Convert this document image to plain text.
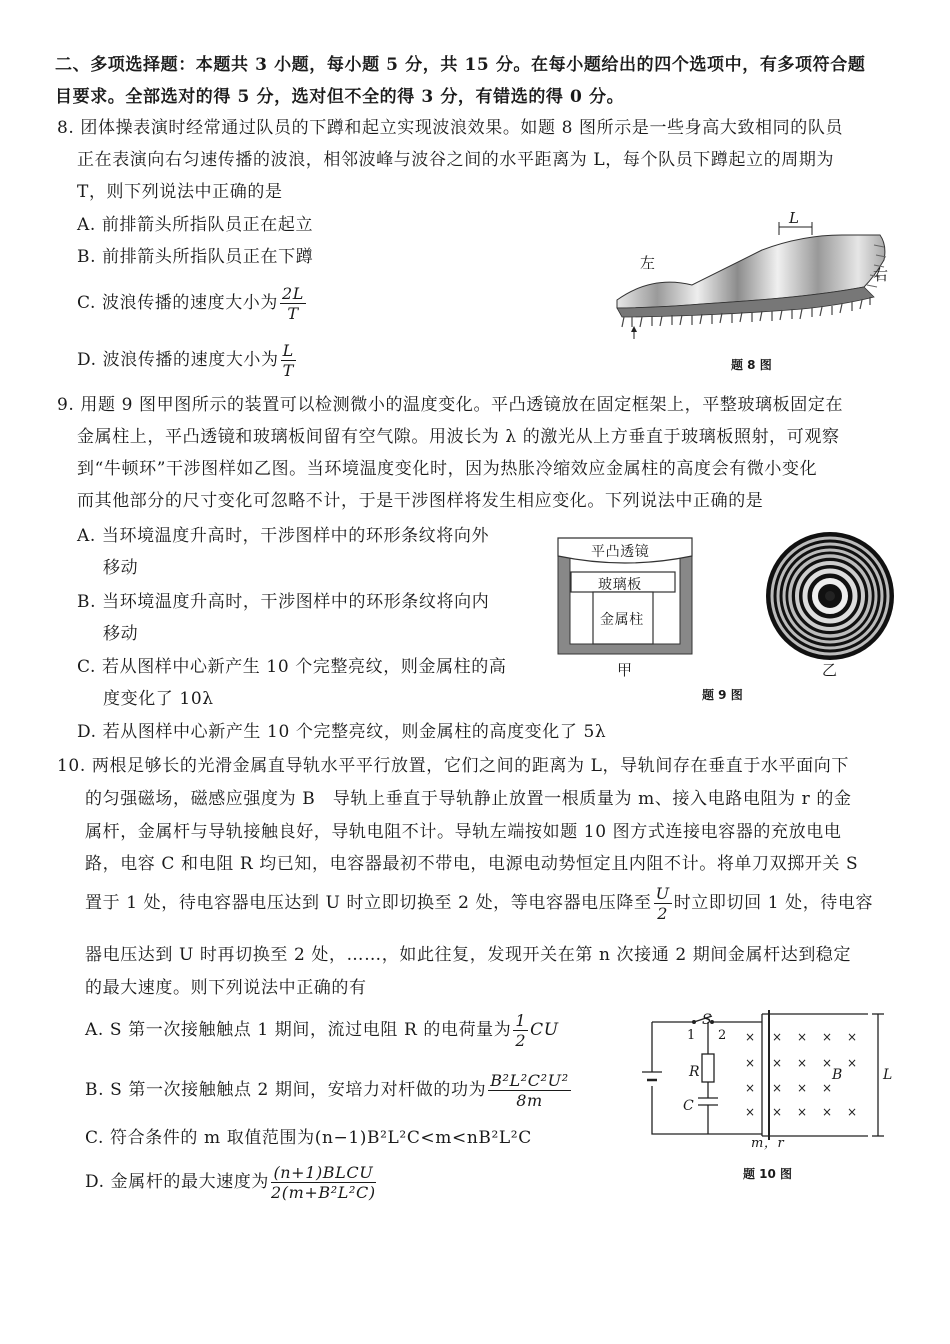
二、多项选择题：本题共 3 小题，每小题 5 分，共 15 分。在每小题给出的四个选项中，有多项符合题
目要求。全部选对的得 5 分，选对但不全的得 3 分，有错选的得 0 分。
8. 团体操表演时经常通过队员的下蹲和起立实现波浪效果。如题 8 图所示是一些身高大致相同的队员
正在表演向右匀速传播的波浪，相邻波峰与波谷之间的水平距离为 L，每个队员下蹲起立的周期为
T，则下列说法中正确的是
A. 前排箭头所指队员正在起立
B. 前排箭头所指队员正在下蹲
C. 波浪传播的速度大小为 $\frac{2L}{T}$
D. 波浪传播的速度大小为 $\frac{L}{T}$
左
右
L
题 8 图
9. 用题 9 图甲图所示的装置可以检测微小的温度变化。平凸透镜放在固定框架上，平整玻璃板固定在
金属柱上，平凸透镜和玻璃板间留有空气隙。用波长为 λ 的激光从上方垂直于玻璃板照射，可观察
到“牛顿环”干涉图样如乙图。当环境温度变化时，因为热胀冷缩效应金属柱的高度会有微小变化
而其他部分的尺寸变化可忽略不计，于是干涉图样将发生相应变化。下列说法中正确的是
A. 当环境温度升高时，干涉图样中的环形条纹将向外
移动
B. 当环境温度升高时，干涉图样中的环形条纹将向内
移动
C. 若从图样中心新产生 10 个完整亮纹，则金属柱的高
度变化了 10λ
D. 若从图样中心新产生 10 个完整亮纹，则金属柱的高度变化了 5λ
平凸透镜
玻璃板
金属柱
甲	乙
题 9 图
10. 两根足够长的光滑金属直导轨水平平行放置，它们之间的距离为 L，导轨间存在垂直于水平面向下
的匀强磁场，磁感应强度为 B　导轨上垂直于导轨静止放置一根质量为 m、接入电路电阻为 r 的金
属杆，金属杆与导轨接触良好，导轨电阻不计。导轨左端按如题 10 图方式连接电容器的充放电电
路，电容 C 和电阻 R 均已知，电容器最初不带电，电源电动势恒定且内阻不计。将单刀双掷开关 S
置于 1 处，待电容器电压达到 U 时立即切换至 2 处，等电容器电压降至 $\frac{U}{2}$ 时立即切回 1 处，待电容
器电压达到 U 时再切换至 2 处，……，如此往复，发现开关在第 n 次接通 2 期间金属杆达到稳定
的最大速度。则下列说法中正确的有
A. S 第一次接触触点 1 期间，流过电阻 R 的电荷量为 $\frac{1}{2}$ CU
B. S 第一次接触触点 2 期间，安培力对杆做的功为 $\frac{\text{B²L²C²U²}}{8m}$
C. 符合条件的 m 取值范围为(n−1)B²L²C<m<nB²L²C
D. 金属杆的最大速度为 $\frac{\text{(n+1)BLCU}}{\text{2(m+B²L²C)}}$
×
×
×
×
×
×
×
×
×
×
×
×
×
×
×
×
×
×
×
S
1 2
R
C
B	L
m，r
题 10 图
